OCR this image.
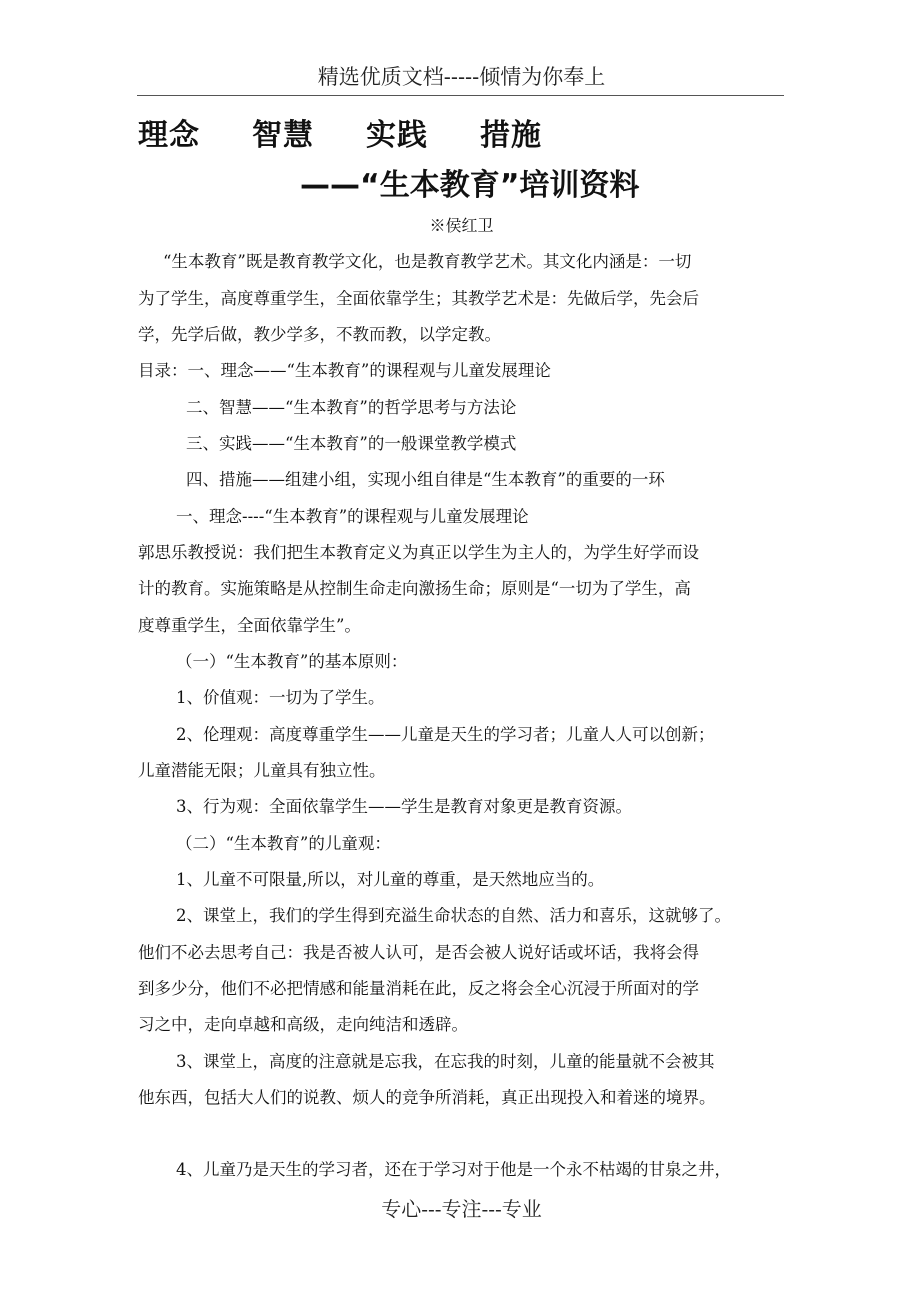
精选优质文档-----倾情为你奉上
理念 智慧 实践 措施
——“生本教育”培训资料
※侯红卫
“生本教育”既是教育教学文化，也是教育教学艺术。其文化内涵是：一切
为了学生，高度尊重学生，全面依靠学生；其教学艺术是：先做后学，先会后
学，先学后做，教少学多，不教而教，以学定教。
目录：一、理念——“生本教育”的课程观与儿童发展理论
二、智慧——“生本教育”的哲学思考与方法论
三、实践——“生本教育”的一般课堂教学模式
四、措施——组建小组，实现小组自律是“生本教育”的重要的一环
一、理念----“生本教育”的课程观与儿童发展理论
郭思乐教授说：我们把生本教育定义为真正以学生为主人的，为学生好学而设
计的教育。实施策略是从控制生命走向激扬生命；原则是“一切为了学生，高
度尊重学生，全面依靠学生”。
（一）“生本教育”的基本原则：
1、价值观：一切为了学生。
2、伦理观：高度尊重学生——儿童是天生的学习者；儿童人人可以创新；
儿童潜能无限；儿童具有独立性。
3、行为观：全面依靠学生——学生是教育对象更是教育资源。
（二）“生本教育”的儿童观：
1、儿童不可限量,所以，对儿童的尊重，是天然地应当的。
2、课堂上，我们的学生得到充溢生命状态的自然、活力和喜乐，这就够了。
他们不必去思考自己：我是否被人认可，是否会被人说好话或坏话，我将会得
到多少分，他们不必把情感和能量消耗在此，反之将会全心沉浸于所面对的学
习之中，走向卓越和高级，走向纯洁和透辟。
3、课堂上，高度的注意就是忘我，在忘我的时刻，儿童的能量就不会被其
他东西，包括大人们的说教、烦人的竞争所消耗，真正出现投入和着迷的境界。
4、儿童乃是天生的学习者，还在于学习对于他是一个永不枯竭的甘泉之井，
专心---专注---专业
